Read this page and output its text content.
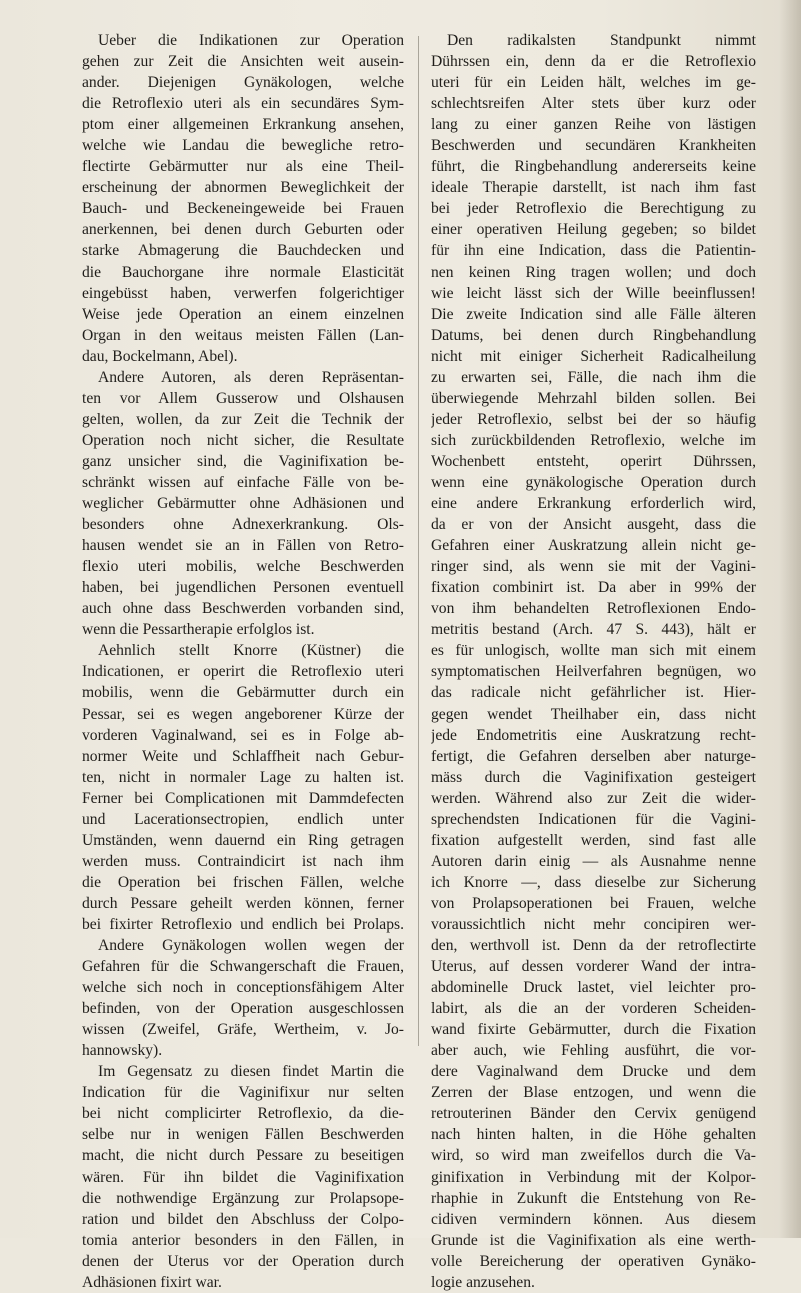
Ueber die Indikationen zur Operation
gehen zur Zeit die Ansichten weit ausein-
ander. Diejenigen Gynäkologen, welche
die Retroflexio uteri als ein secundäres Sym-
ptom einer allgemeinen Erkrankung ansehen,
welche wie Landau die bewegliche retro-
flectirte Gebärmutter nur als eine Theil-
erscheinung der abnormen Beweglichkeit der
Bauch- und Beckeneingeweide bei Frauen
anerkennen, bei denen durch Geburten oder
starke Abmagerung die Bauchdecken und
die Bauchorgane ihre normale Elasticität
eingebüsst haben, verwerfen folgerichtiger
Weise jede Operation an einem einzelnen
Organ in den weitaus meisten Fällen (Lan-
dau, Bockelmann, Abel).
Andere Autoren, als deren Repräsentan-
ten vor Allem Gusserow und Olshausen
gelten, wollen, da zur Zeit die Technik der
Operation noch nicht sicher, die Resultate
ganz unsicher sind, die Vaginifixation be-
schränkt wissen auf einfache Fälle von be-
weglicher Gebärmutter ohne Adhäsionen und
besonders ohne Adnexerkrankung. Ols-
hausen wendet sie an in Fällen von Retro-
flexio uteri mobilis, welche Beschwerden
haben, bei jugendlichen Personen eventuell
auch ohne dass Beschwerden vorbanden sind,
wenn die Pessartherapie erfolglos ist.
Aehnlich stellt Knorre (Küstner) die
Indicationen, er operirt die Retroflexio uteri
mobilis, wenn die Gebärmutter durch ein
Pessar, sei es wegen angeborener Kürze der
vorderen Vaginalwand, sei es in Folge ab-
normer Weite und Schlaffheit nach Gebur-
ten, nicht in normaler Lage zu halten ist.
Ferner bei Complicationen mit Dammdefecten
und Lacerationsectropien, endlich unter
Umständen, wenn dauernd ein Ring getragen
werden muss. Contraindicirt ist nach ihm
die Operation bei frischen Fällen, welche
durch Pessare geheilt werden können, ferner
bei fixirter Retroflexio und endlich bei Prolaps.
Andere Gynäkologen wollen wegen der
Gefahren für die Schwangerschaft die Frauen,
welche sich noch in conceptionsfähigem Alter
befinden, von der Operation ausgeschlossen
wissen (Zweifel, Gräfe, Wertheim, v. Jo-
hannowsky).
Im Gegensatz zu diesen findet Martin die
Indication für die Vaginifixur nur selten
bei nicht complicirter Retroflexio, da die-
selbe nur in wenigen Fällen Beschwerden
macht, die nicht durch Pessare zu beseitigen
wären. Für ihn bildet die Vaginifixation
die nothwendige Ergänzung zur Prolapsope-
ration und bildet den Abschluss der Colpo-
tomia anterior besonders in den Fällen, in
denen der Uterus vor der Operation durch
Adhäsionen fixirt war.
Den radikalsten Standpunkt nimmt
Dührssen ein, denn da er die Retroflexio
uteri für ein Leiden hält, welches im ge-
schlechtsreifen Alter stets über kurz oder
lang zu einer ganzen Reihe von lästigen
Beschwerden und secundären Krankheiten
führt, die Ringbehandlung andererseits keine
ideale Therapie darstellt, ist nach ihm fast
bei jeder Retroflexio die Berechtigung zu
einer operativen Heilung gegeben; so bildet
für ihn eine Indication, dass die Patientin-
nen keinen Ring tragen wollen; und doch
wie leicht lässt sich der Wille beeinflussen!
Die zweite Indication sind alle Fälle älteren
Datums, bei denen durch Ringbehandlung
nicht mit einiger Sicherheit Radicalheilung
zu erwarten sei, Fälle, die nach ihm die
überwiegende Mehrzahl bilden sollen. Bei
jeder Retroflexio, selbst bei der so häufig
sich zurückbildenden Retroflexio, welche im
Wochenbett entsteht, operirt Dührssen,
wenn eine gynäkologische Operation durch
eine andere Erkrankung erforderlich wird,
da er von der Ansicht ausgeht, dass die
Gefahren einer Auskratzung allein nicht ge-
ringer sind, als wenn sie mit der Vagini-
fixation combinirt ist. Da aber in 99% der
von ihm behandelten Retroflexionen Endo-
metritis bestand (Arch. 47 S. 443), hält er
es für unlogisch, wollte man sich mit einem
symptomatischen Heilverfahren begnügen, wo
das radicale nicht gefährlicher ist. Hier-
gegen wendet Theilhaber ein, dass nicht
jede Endometritis eine Auskratzung recht-
fertigt, die Gefahren derselben aber naturge-
mäss durch die Vaginifixation gesteigert
werden. Während also zur Zeit die wider-
sprechendsten Indicationen für die Vagini-
fixation aufgestellt werden, sind fast alle
Autoren darin einig — als Ausnahme nenne
ich Knorre —, dass dieselbe zur Sicherung
von Prolapsoperationen bei Frauen, welche
voraussichtlich nicht mehr concipiren wer-
den, werthvoll ist. Denn da der retroflectirte
Uterus, auf dessen vorderer Wand der intra-
abdominelle Druck lastet, viel leichter pro-
labirt, als die an der vorderen Scheiden-
wand fixirte Gebärmutter, durch die Fixation
aber auch, wie Fehling ausführt, die vor-
dere Vaginalwand dem Drucke und dem
Zerren der Blase entzogen, und wenn die
retrouterinen Bänder den Cervix genügend
nach hinten halten, in die Höhe gehalten
wird, so wird man zweifellos durch die Va-
ginifixation in Verbindung mit der Kolpor-
rhaphie in Zukunft die Entstehung von Re-
cidiven vermindern können. Aus diesem
Grunde ist die Vaginifixation als eine werth-
volle Bereicherung der operativen Gynäko-
logie anzusehen.
